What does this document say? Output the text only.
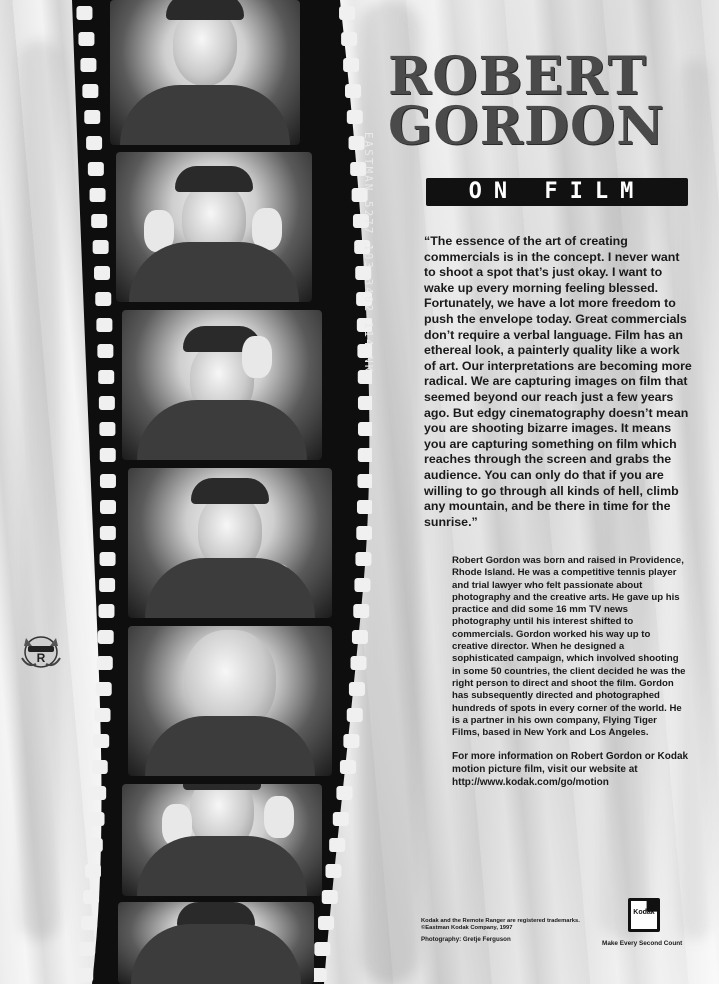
EASTMAN 5277 103 3402 114 NK
R
ROBERT
GORDON
ON FILM
“The essence of the art of creating commercials is in the concept. I never want to shoot a spot that’s just okay. I want to wake up every morning feeling blessed. Fortunately, we have a lot more freedom to push the envelope today. Great commercials don’t require a verbal language. Film has an ethereal look, a painterly quality like a work of art. Our interpretations are becoming more radical. We are capturing images on film that seemed beyond our reach just a few years ago. But edgy cinematography doesn’t mean you are shooting bizarre images. It means you are capturing something on film which reaches through the screen and grabs the audience. You can only do that if you are willing to go through all kinds of hell, climb any mountain, and be there in time for the sunrise.”
Robert Gordon was born and raised in Providence, Rhode Island. He was a competitive tennis player and trial lawyer who felt passionate about photography and the creative arts. He gave up his practice and did some 16 mm TV news photography until his interest shifted to commercials. Gordon worked his way up to creative director. When he designed a sophisticated campaign, which involved shooting in some 50 countries, the client decided he was the right person to direct and shoot the film. Gordon has subsequently directed and photographed hundreds of spots in every corner of the world. He is a partner in his own company, Flying Tiger Films, based in New York and Los Angeles.
For more information on Robert Gordon or Kodak motion picture film, visit our website at http://www.kodak.com/go/motion
Kodak and the Remote Ranger are registered trademarks. ©Eastman Kodak Company, 1997
Photography: Gretje Ferguson
Kodak
Make Every Second Count
